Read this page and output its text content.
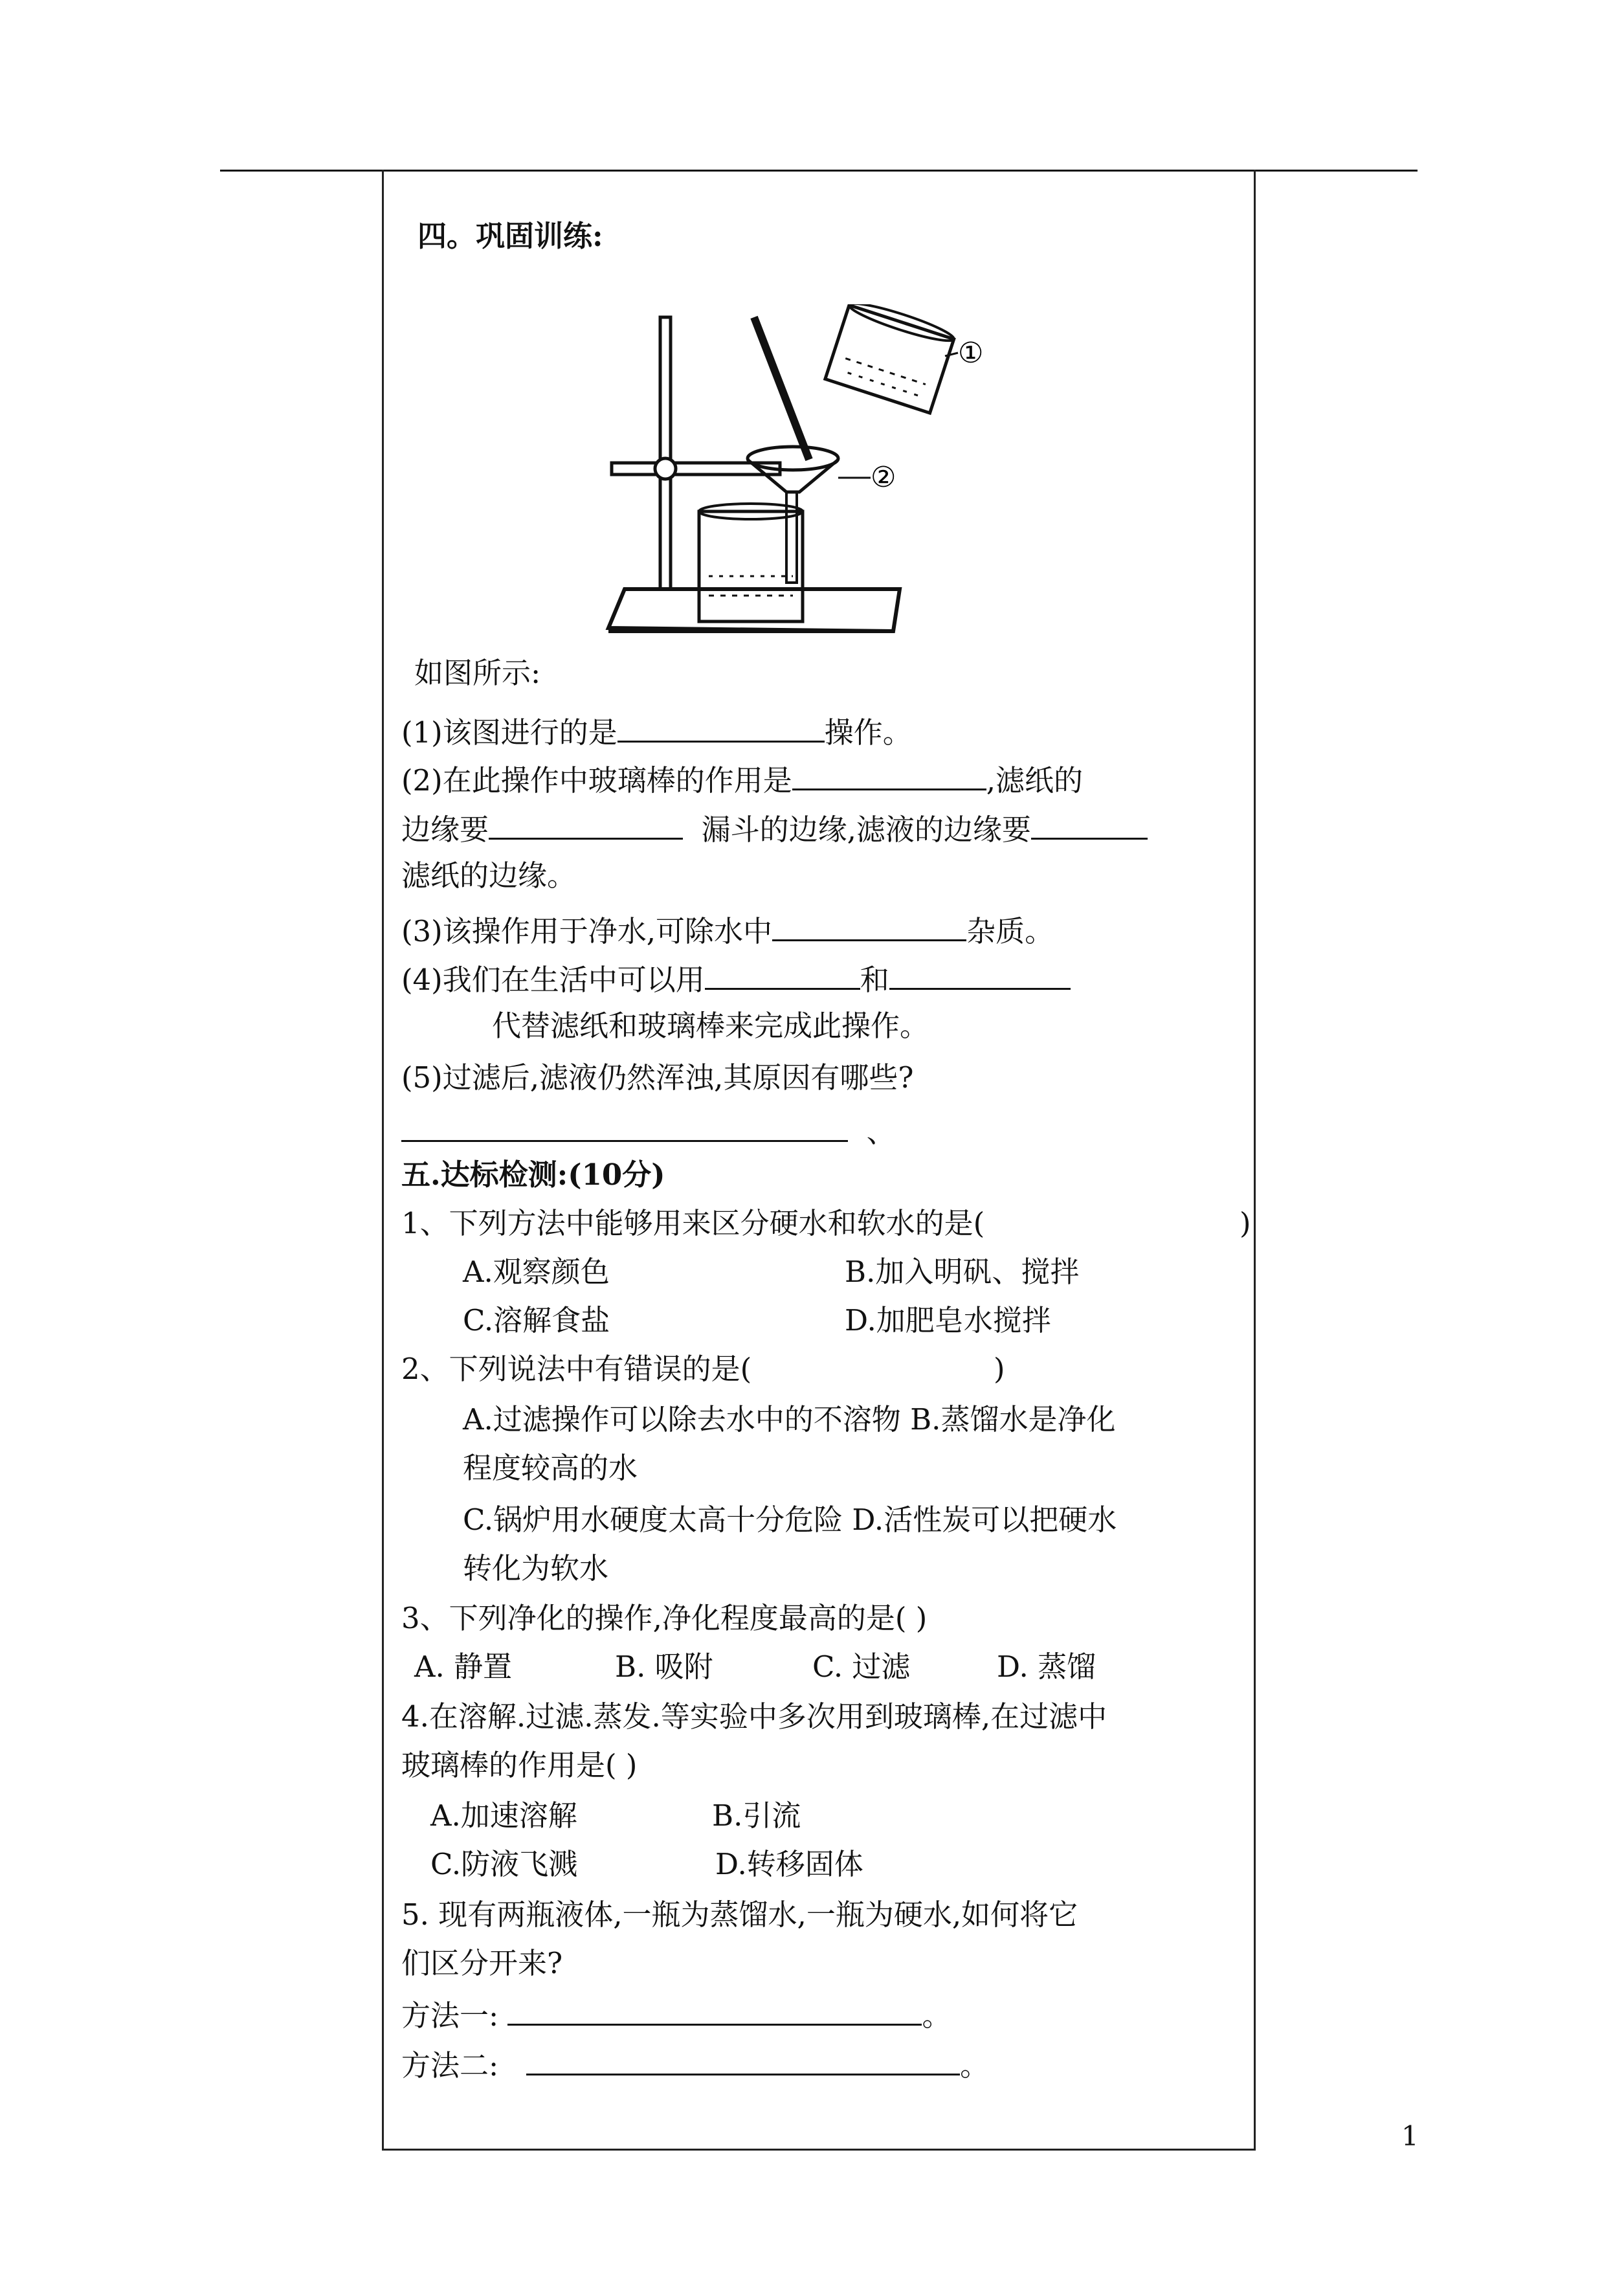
四。巩固训练:
①
②
如图所示:
(1)该图进行的是	操作。
(2)在此操作中玻璃棒的作用是	,滤纸的
边缘要	漏斗的边缘,滤液的边缘要
滤纸的边缘。
(3)该操作用于净水,可除水中	杂质。
(4)我们在生活中可以用	和
代替滤纸和玻璃棒来完成此操作。
(5)过滤后,滤液仍然浑浊,其原因有哪些?
、
五.达标检测:(10分)
1、下列方法中能够用来区分硬水和软水的是(	)
A.观察颜色	B.加入明矾、搅拌
C.溶解食盐	D.加肥皂水搅拌
2、下列说法中有错误的是(	)
A.过滤操作可以除去水中的不溶物 B.蒸馏水是净化
程度较高的水
C.锅炉用水硬度太高十分危险 D.活性炭可以把硬水
转化为软水
3、下列净化的操作,净化程度最高的是( )
A. 静置	B. 吸附	C. 过滤	D. 蒸馏
4.在溶解.过滤.蒸发.等实验中多次用到玻璃棒,在过滤中
玻璃棒的作用是( )
A.加速溶解	B.引流
C.防液飞溅	D.转移固体
5. 现有两瓶液体,一瓶为蒸馏水,一瓶为硬水,如何将它
们区分开来?
方法一:	。
方法二:	。
1
